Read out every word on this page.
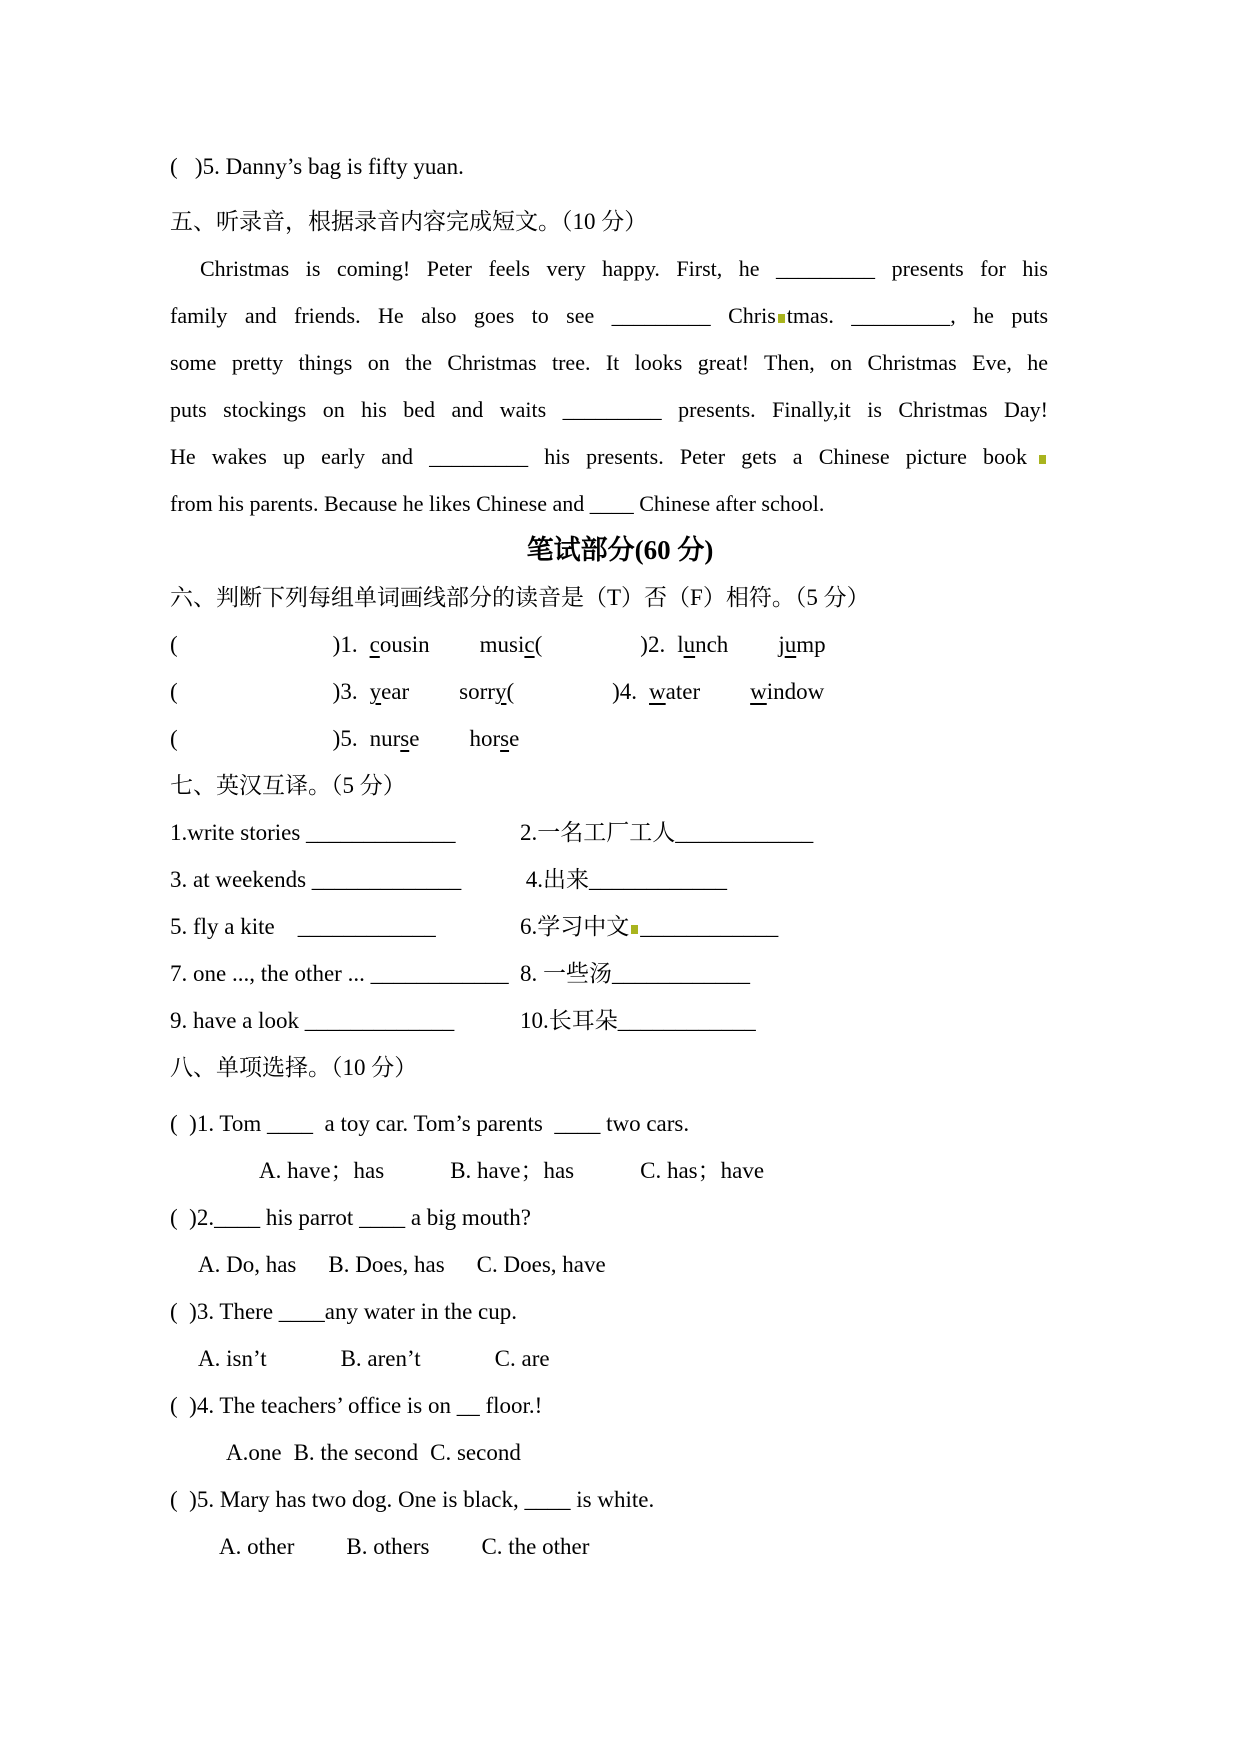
(   )5. Danny’s bag is fifty yuan.
五、听录音，根据录音内容完成短文。（10 分）
Christmas is coming! Peter feels very happy. First, he _________ presents for his
family and friends. He also goes to see _________ Chris tmas. _________, he puts
some pretty things on the Christmas tree. It looks great! Then, on Christmas Eve, he
puts stockings on his bed and waits _________ presents. Finally,it is Christmas Day!
He wakes up early and _________ his presents. Peter gets a Chinese picture book
from his parents. Because he likes Chinese and ____ Chinese after school.
笔试部分(60 分)
六、判断下列每组单词画线部分的读音是（T）否（F）相符。（5 分）
(	)1. cousin music(	)2. lunch jump
(	)3. year sorry(	)4. water window
(	)5. nurse horse
七、英汉互译。（5 分）
1.write stories _____________	2.一名工厂工人____________
3. at weekends _____________	4.出来____________
5. fly a kite    ____________	6.学习中文 ____________
7. one ..., the other ... ____________ 8. 一些汤____________
9. have a look _____________	10.长耳朵____________
八、单项选择。（10 分）
(  )1. Tom ____  a toy car. Tom’s parents  ____ two cars.
A. have；has	B. have；has	C. has；have
(  )2.____ his parrot ____ a big mouth?
A. Do, has B. Does, has C. Does, have
(  )3. There ____any water in the cup.
A. isn’t	B. aren’t	C. are
(  )4. The teachers’ office is on __ floor.!
A.one B. the second C. second
(  )5. Mary has two dog. One is black, ____ is white.
A. other B. others C. the other
